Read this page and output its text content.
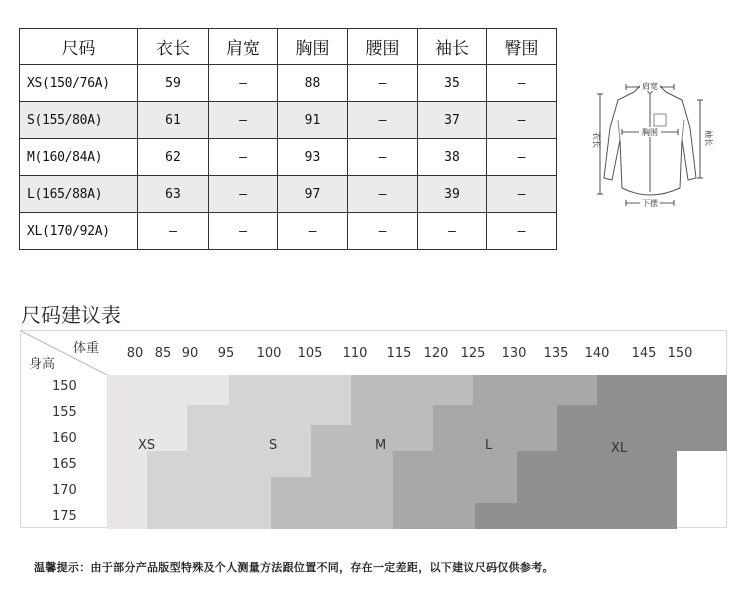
尺码	衣长	肩宽	胸围	腰围	袖长	臀围
XS(150/76A)	59	–	88	–	35	–
S(155/80A)	61	–	91	–	37	–
M(160/84A)	62	–	93	–	38	–
L(165/88A)	63	–	97	–	39	–
XL(170/92A)	–	–	–	–	–	–
肩宽
胸围
衣长	袖长
下摆
尺码建议表
体重
身高
80 85 90 95 100 105 110 115 120 125 130 135 140 145 150
150
155
160
165
170
175
XS	S	M	L	XL
温馨提示：由于部分产品版型特殊及个人测量方法跟位置不同，存在一定差距，以下建议尺码仅供参考。
